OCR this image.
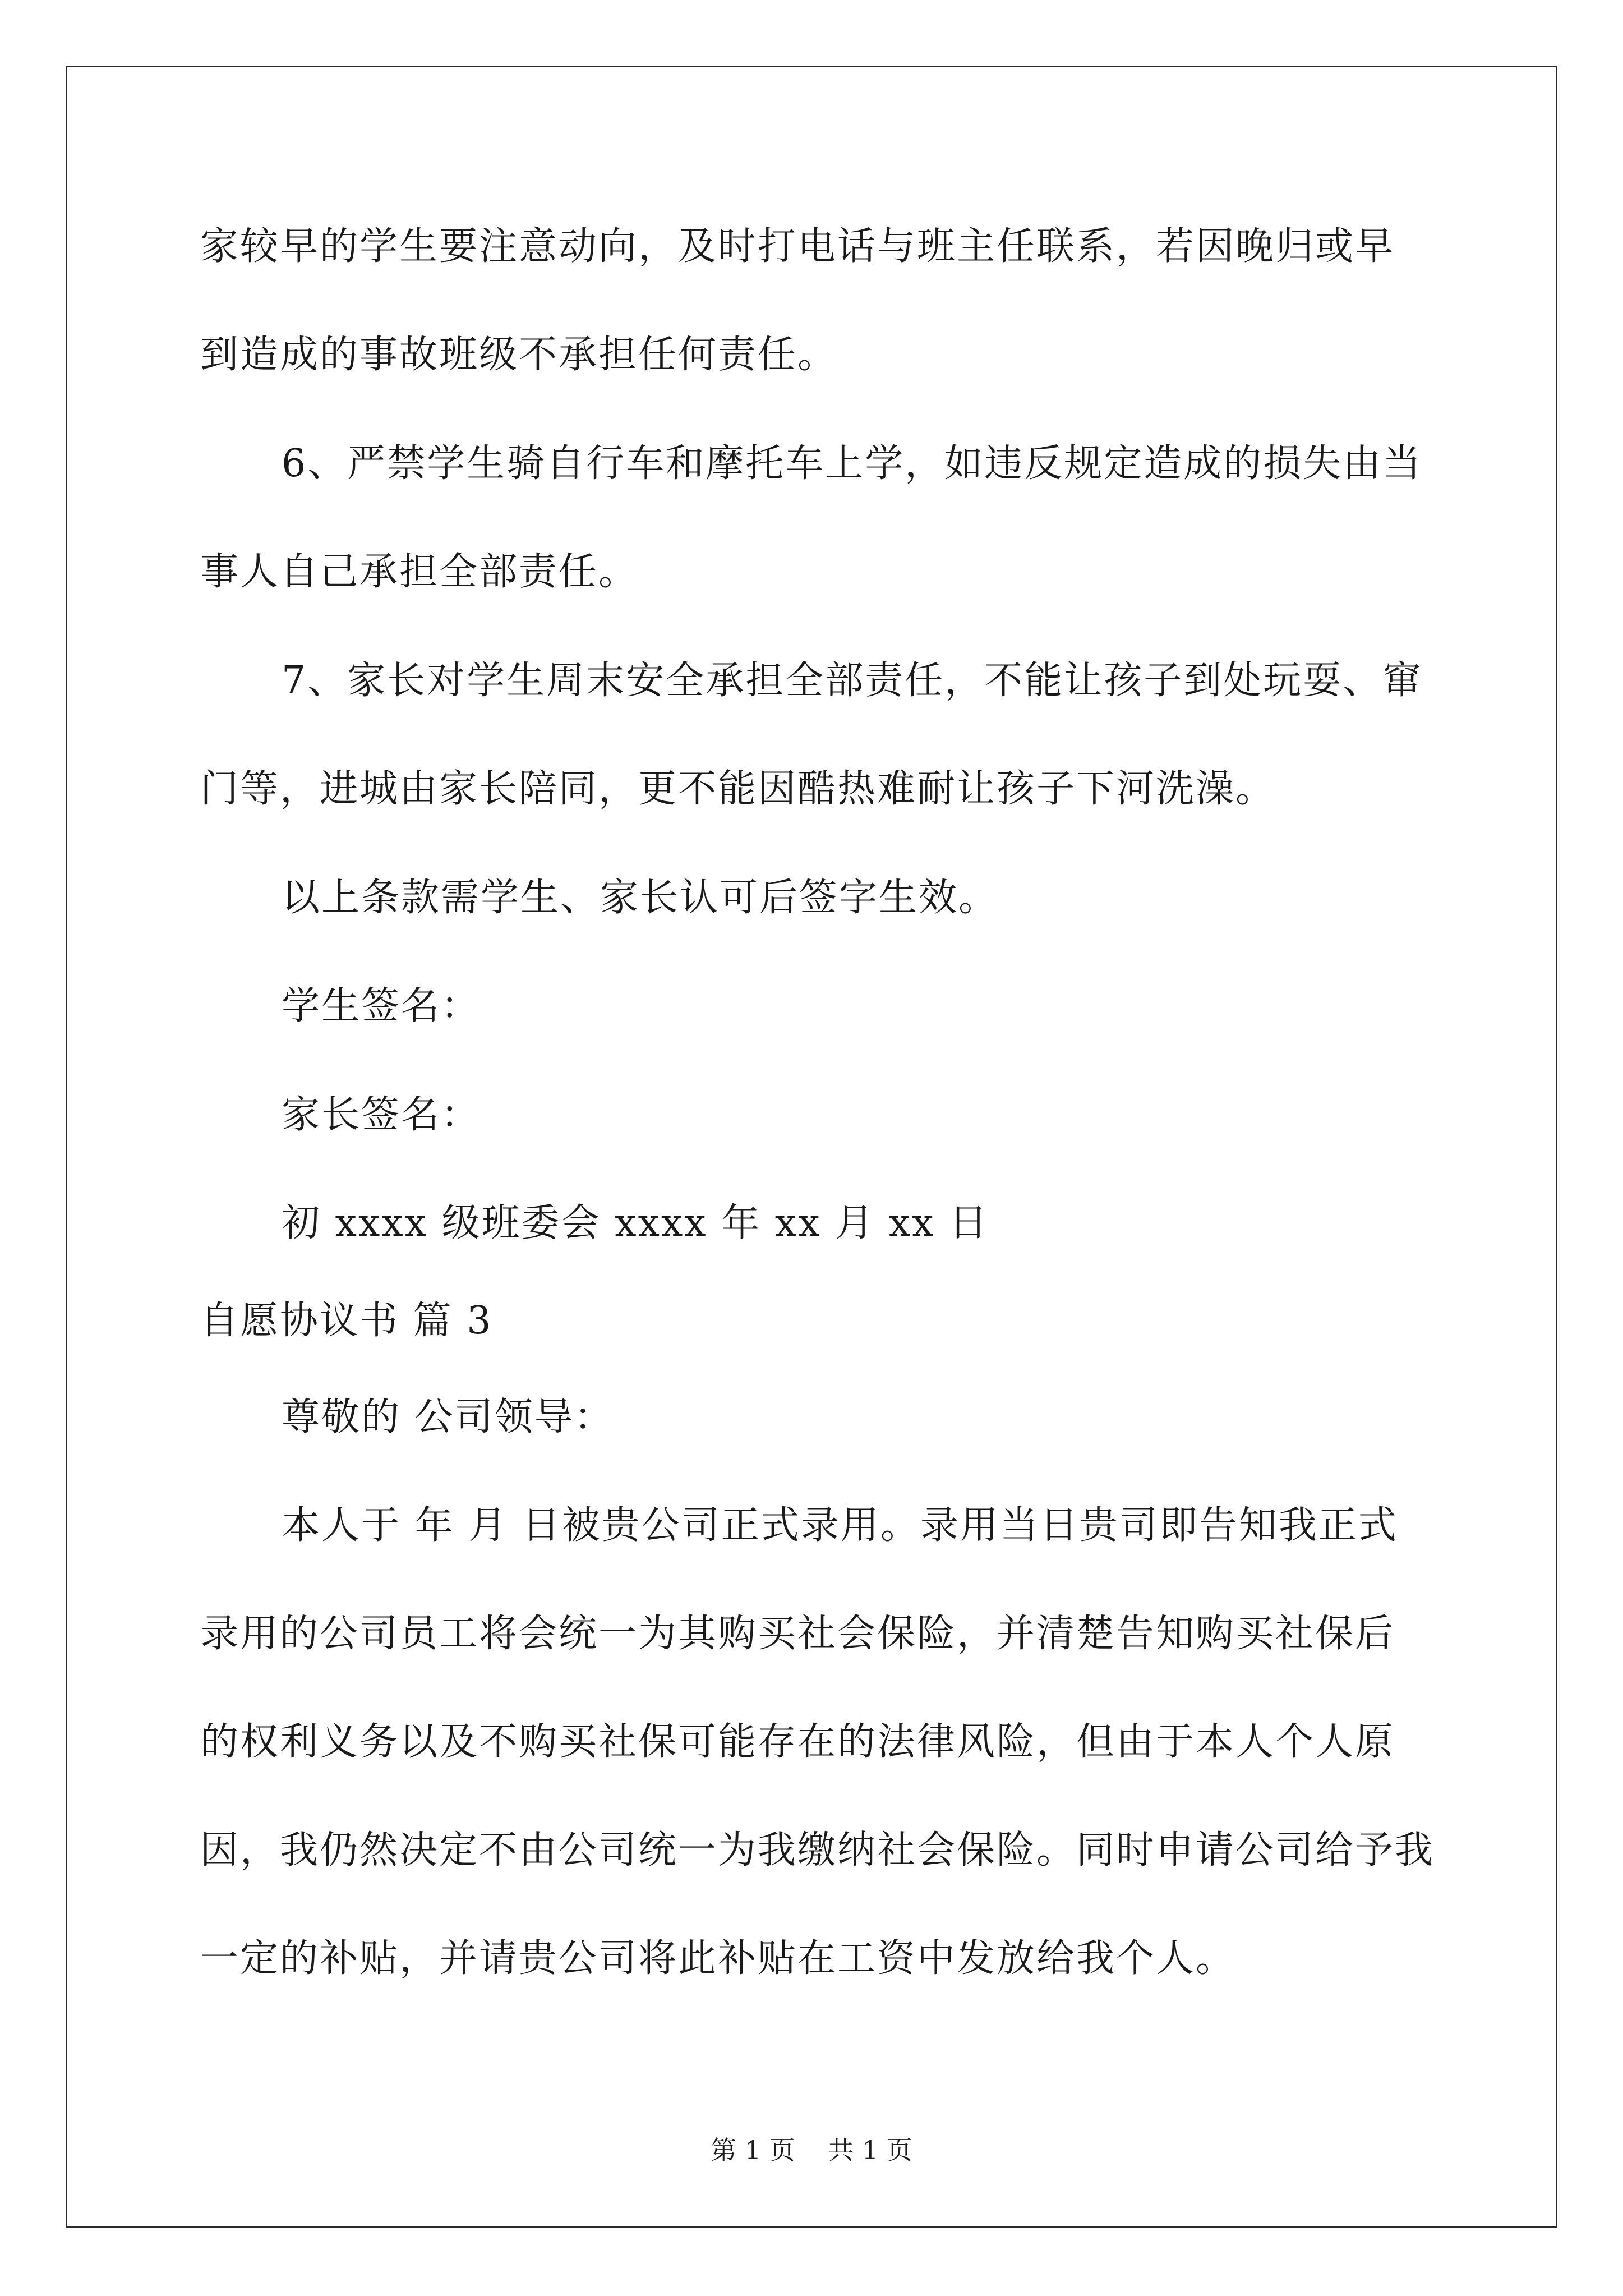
家较早的学生要注意动向，及时打电话与班主任联系，若因晚归或早
到造成的事故班级不承担任何责任。
6、严禁学生骑自行车和摩托车上学，如违反规定造成的损失由当
事人自己承担全部责任。
7、家长对学生周末安全承担全部责任，不能让孩子到处玩耍、窜
门等，进城由家长陪同，更不能因酷热难耐让孩子下河洗澡。
以上条款需学生、家长认可后签字生效。
学生签名：
家长签名：
初 xxxx 级班委会 xxxx 年 xx 月 xx 日
自愿协议书 篇 3
尊敬的 公司领导：
本人于 年 月 日被贵公司正式录用。录用当日贵司即告知我正式
录用的公司员工将会统一为其购买社会保险，并清楚告知购买社保后
的权利义务以及不购买社保可能存在的法律风险，但由于本人个人原
因，我仍然决定不由公司统一为我缴纳社会保险。同时申请公司给予我
一定的补贴，并请贵公司将此补贴在工资中发放给我个人。
第 1 页    共 1 页
